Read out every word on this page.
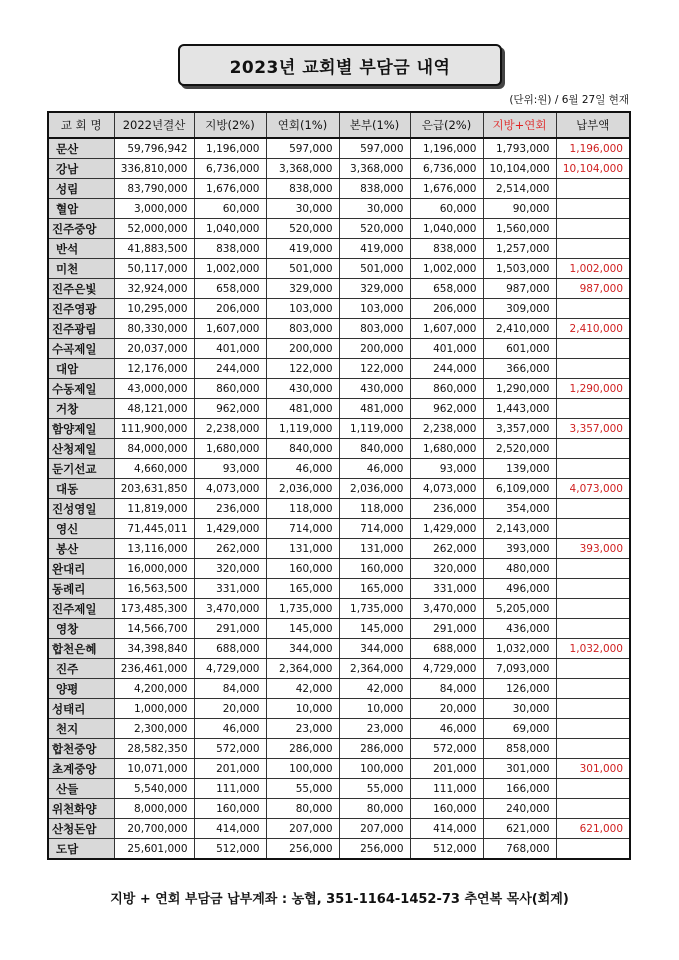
2023년 교회별 부담금 내역
(단위:원) / 6월 27일 현재
교 회 명	2022년결산	지방(2%)	연회(1%)	본부(1%)	은급(2%)	지방+연회	납부액

문산	59,796,942	1,196,000	597,000	597,000	1,196,000	1,793,000	1,196,000

강남	336,810,000	6,736,000	3,368,000	3,368,000	6,736,000	10,104,000	10,104,000

성림	83,790,000	1,676,000	838,000	838,000	1,676,000	2,514,000	

혈암	3,000,000	60,000	30,000	30,000	60,000	90,000	

진주중앙	52,000,000	1,040,000	520,000	520,000	1,040,000	1,560,000	

반석	41,883,500	838,000	419,000	419,000	838,000	1,257,000	

미천	50,117,000	1,002,000	501,000	501,000	1,002,000	1,503,000	1,002,000

진주은빛	32,924,000	658,000	329,000	329,000	658,000	987,000	987,000

진주영광	10,295,000	206,000	103,000	103,000	206,000	309,000	

진주광림	80,330,000	1,607,000	803,000	803,000	1,607,000	2,410,000	2,410,000

수곡제일	20,037,000	401,000	200,000	200,000	401,000	601,000	

대암	12,176,000	244,000	122,000	122,000	244,000	366,000	

수동제일	43,000,000	860,000	430,000	430,000	860,000	1,290,000	1,290,000

거창	48,121,000	962,000	481,000	481,000	962,000	1,443,000	

함양제일	111,900,000	2,238,000	1,119,000	1,119,000	2,238,000	3,357,000	3,357,000

산청제일	84,000,000	1,680,000	840,000	840,000	1,680,000	2,520,000	

둔기선교	4,660,000	93,000	46,000	46,000	93,000	139,000	

대동	203,631,850	4,073,000	2,036,000	2,036,000	4,073,000	6,109,000	4,073,000

진성영일	11,819,000	236,000	118,000	118,000	236,000	354,000	

영신	71,445,011	1,429,000	714,000	714,000	1,429,000	2,143,000	

봉산	13,116,000	262,000	131,000	131,000	262,000	393,000	393,000

완대리	16,000,000	320,000	160,000	160,000	320,000	480,000	

동례리	16,563,500	331,000	165,000	165,000	331,000	496,000	

진주제일	173,485,300	3,470,000	1,735,000	1,735,000	3,470,000	5,205,000	

영창	14,566,700	291,000	145,000	145,000	291,000	436,000	

합천은혜	34,398,840	688,000	344,000	344,000	688,000	1,032,000	1,032,000

진주	236,461,000	4,729,000	2,364,000	2,364,000	4,729,000	7,093,000	

양평	4,200,000	84,000	42,000	42,000	84,000	126,000	

성태리	1,000,000	20,000	10,000	10,000	20,000	30,000	

천지	2,300,000	46,000	23,000	23,000	46,000	69,000	

합천중앙	28,582,350	572,000	286,000	286,000	572,000	858,000	

초계중앙	10,071,000	201,000	100,000	100,000	201,000	301,000	301,000

산들	5,540,000	111,000	55,000	55,000	111,000	166,000	

위천화양	8,000,000	160,000	80,000	80,000	160,000	240,000	

산청돈암	20,700,000	414,000	207,000	207,000	414,000	621,000	621,000

도담	25,601,000	512,000	256,000	256,000	512,000	768,000	
지방 + 연회 부담금 납부계좌 : 농협, 351-1164-1452-73 추연복 목사(회계)
